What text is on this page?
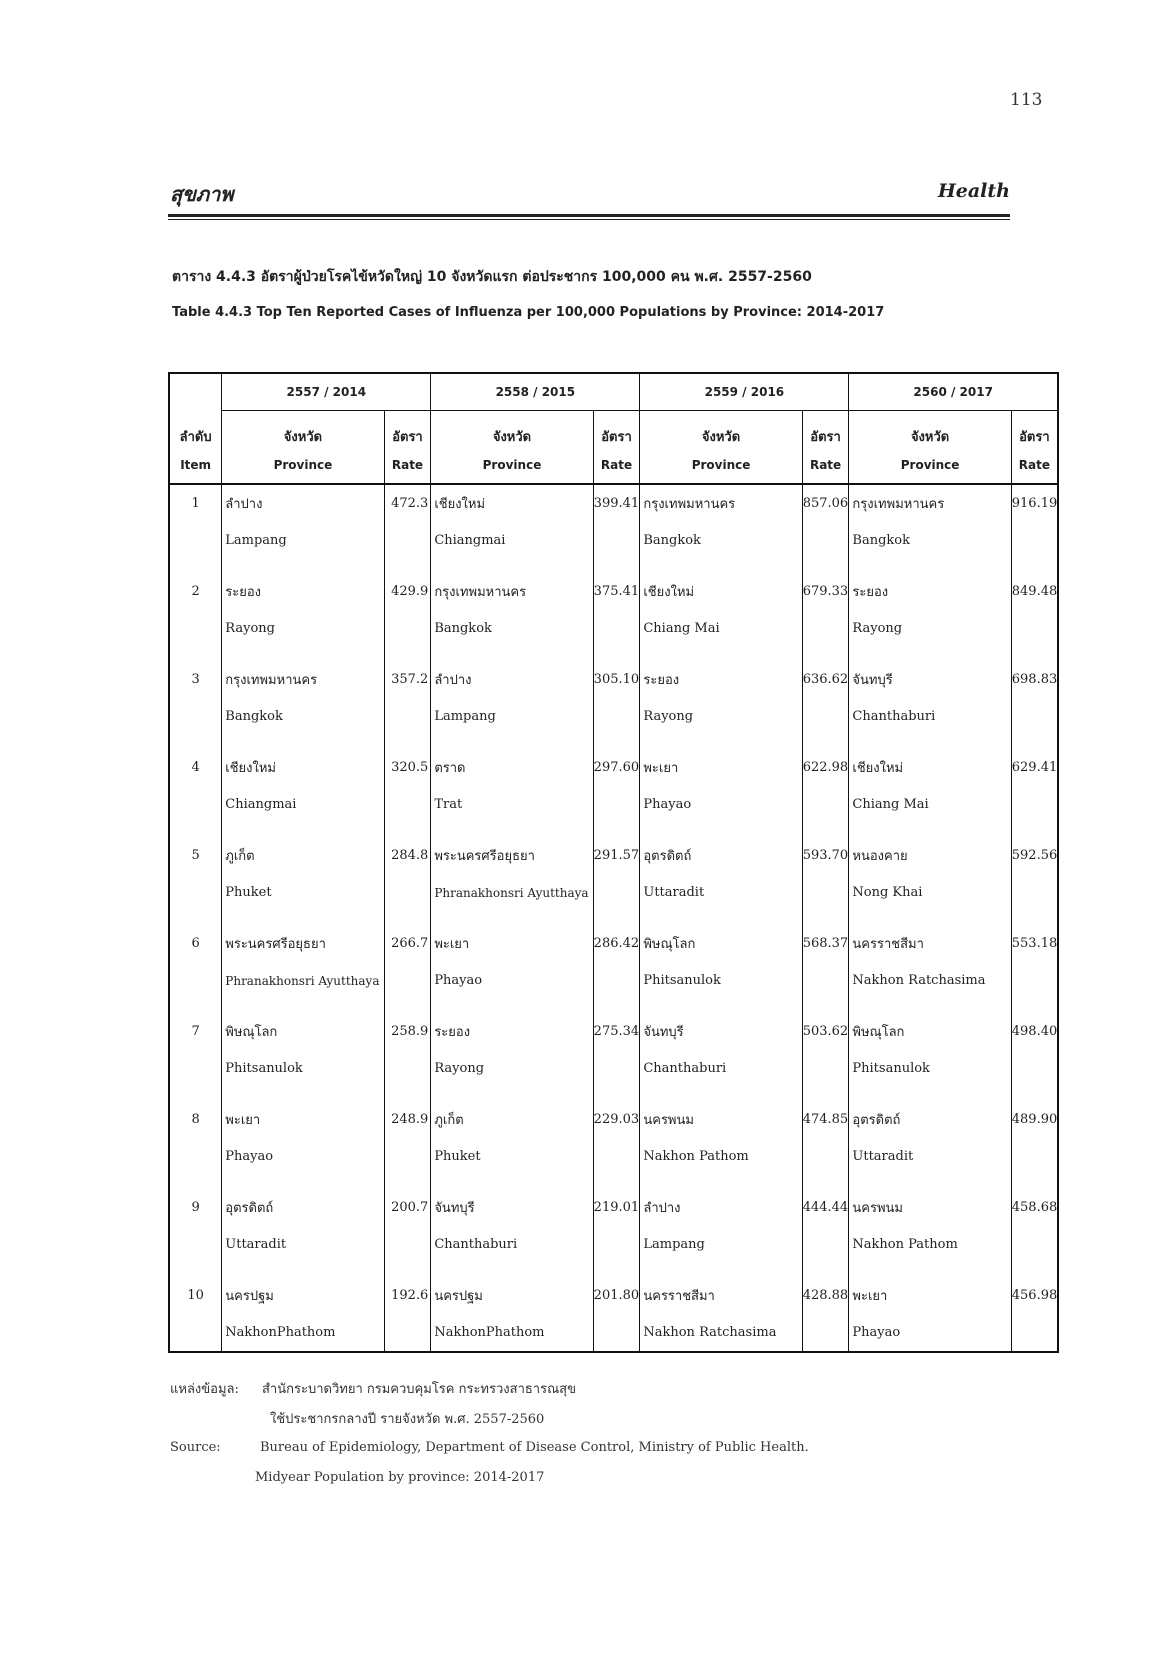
113
สุขภาพ	Health
ตาราง 4.4.3 อัตราผู้ป่วยโรคไข้หวัดใหญ่ 10 จังหวัดแรก ต่อประชากร 100,000 คน พ.ศ. 2557-2560
Table 4.4.3 Top Ten Reported Cases of Influenza per 100,000 Populations by Province: 2014-2017
	2557 / 2014		2558 / 2015		2559 / 2016		2560 / 2017	
ลำดับ	จังหวัด	อัตรา	จังหวัด	อัตรา	จังหวัด	อัตรา	จังหวัด	อัตรา
Item	Province	Rate	Province	Rate	Province	Rate	Province	Rate
1	ลำปาง	472.3	เชียงใหม่	399.41	กรุงเทพมหานคร	857.06	กรุงเทพมหานคร	916.19
	Lampang		Chiangmai		Bangkok		Bangkok	

2	ระยอง	429.9	กรุงเทพมหานคร	375.41	เชียงใหม่	679.33	ระยอง	849.48
	Rayong		Bangkok		Chiang Mai		Rayong	

3	กรุงเทพมหานคร	357.2	ลำปาง	305.10	ระยอง	636.62	จันทบุรี	698.83
	Bangkok		Lampang		Rayong		Chanthaburi	

4	เชียงใหม่	320.5	ตราด	297.60	พะเยา	622.98	เชียงใหม่	629.41
	Chiangmai		Trat		Phayao		Chiang Mai	

5	ภูเก็ต	284.8	พระนครศรีอยุธยา	291.57	อุตรดิตถ์	593.70	หนองคาย	592.56
	Phuket		Phranakhonsri Ayutthaya		Uttaradit		Nong Khai	

6	พระนครศรีอยุธยา	266.7	พะเยา	286.42	พิษณุโลก	568.37	นครราชสีมา	553.18
	Phranakhonsri Ayutthaya		Phayao		Phitsanulok		Nakhon Ratchasima	

7	พิษณุโลก	258.9	ระยอง	275.34	จันทบุรี	503.62	พิษณุโลก	498.40
	Phitsanulok		Rayong		Chanthaburi		Phitsanulok	

8	พะเยา	248.9	ภูเก็ต	229.03	นครพนม	474.85	อุตรดิตถ์	489.90
	Phayao		Phuket		Nakhon Pathom		Uttaradit	

9	อุตรดิตถ์	200.7	จันทบุรี	219.01	ลำปาง	444.44	นครพนม	458.68
	Uttaradit		Chanthaburi		Lampang		Nakhon Pathom	

10	นครปฐม	192.6	นครปฐม	201.80	นครราชสีมา	428.88	พะเยา	456.98
	NakhonPhathom		NakhonPhathom		Nakhon Ratchasima		Phayao	
แหล่งข้อมูล: สำนักระบาดวิทยา กรมควบคุมโรค กระทรวงสาธารณสุข
ใช้ประชากรกลางปี รายจังหวัด พ.ศ. 2557-2560
Source:	Bureau of Epidemiology, Department of Disease Control, Ministry of Public Health.
Midyear Population by province: 2014-2017
